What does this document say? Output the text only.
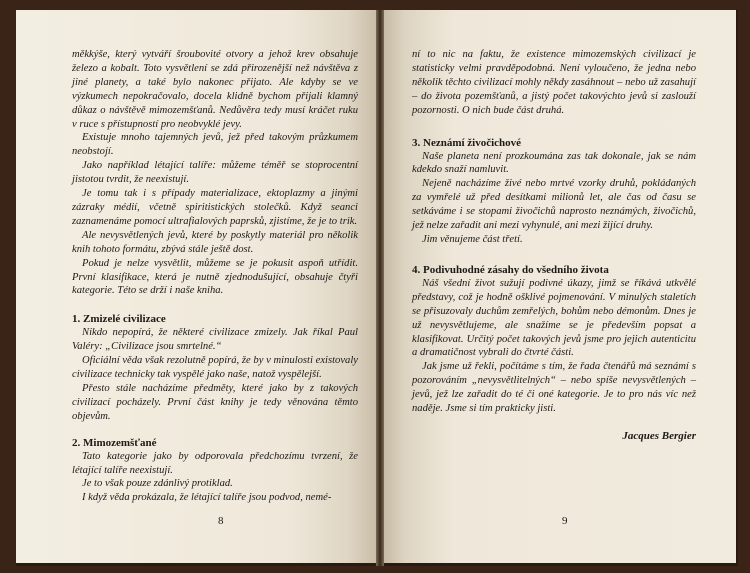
měkkýše, který vytváří šroubovité otvory a jehož krev obsahuje železo a kobalt. Toto vysvětlení se zdá přirozenější než návštěva z jiné planety, a také bylo nakonec přijato. Ale kdyby se ve výzkumech nepokračovalo, docela klidně bychom přijali klamný důkaz o návštěvě mimozemšťanů. Nedůvěra tedy musí kráčet ruku v ruce s přístupností pro neobvyklé jevy.

Existuje mnoho tajemných jevů, jež před takovým průzkumem neobstojí.

Jako například létající talíře: můžeme téměř se stoprocentní jistotou tvrdit, že neexistují.

Je tomu tak i s případy materializace, ektoplazmy a jinými zázraky médií, včetně spiritistických stolečků. Když seanci zaznamenáme pomocí ultrafialových paprsků, zjistíme, že je to trik.

Ale nevysvětlených jevů, které by poskytly materiál pro několik knih tohoto formátu, zbývá stále ještě dost.

Pokud je nelze vysvětlit, můžeme se je pokusit aspoň utřídit. První klasifikace, která je nutně zjednodušující, obsahuje čtyři kategorie. Této se drží i naše kniha.

1. Zmizelé civilizace

Nikdo nepopírá, že některé civilizace zmizely. Jak říkal Paul Valéry: „Civilizace jsou smrtelné.“

Oficiální věda však rezolutně popírá, že by v minulosti existovaly civilizace technicky tak vyspělé jako naše, natož vyspělejší.

Přesto stále nacházíme předměty, které jako by z takových civilizací pocházely. První část knihy je tedy věnována těmto objevům.

2. Mimozemšťané

Tato kategorie jako by odporovala předchozímu tvrzení, že létající talíře neexistují.

Je to však pouze zdánlivý protiklad.

I když věda prokázala, že létající talíře jsou podvod, nemé-

8

ní to nic na faktu, že existence mimozemských civilizací je statisticky velmi pravděpodobná. Není vyloučeno, že jedna nebo několik těchto civilizací mohly někdy zasáhnout – nebo už zasahují – do života pozemšťanů, a jistý počet takovýchto jevů si zaslouží pozornosti. O nich bude část druhá.

3. Neznámí živočichové

Naše planeta není prozkoumána zas tak dokonale, jak se nám kdekdo snaží namluvit.

Nejeně nacházíme živé nebo mrtvé vzorky druhů, pokládaných za vymřelé už před desítkami milionů let, ale čas od času se setkáváme i se stopami živočichů naprosto neznámých, živočichů, jež nelze zařadit ani mezi vyhynulé, ani mezi žijící druhy.

Jim věnujeme část třetí.

4. Podivuhodné zásahy do všedního života

Náš všední život sužují podivné úkazy, jimž se říkává utkvělé představy, což je hodně ošklivé pojmenování. V minulých staletích se přisuzovaly duchům zemřelých, bohům nebo démonům. Dnes je už nevysvětlujeme, ale snažíme se je především popsat a klasifikovat. Určitý počet takových jevů jsme pro jejich autenticitu a dramatičnost vybrali do čtvrté části.

Jak jsme už řekli, počítáme s tím, že řada čtenářů má seznámí s pozorováním „nevysvětlitelných“ – nebo spíše nevysvětlených – jevů, jež lze zařadit do té či oné kategorie. Je to pro nás víc než naděje. Jsme si tím prakticky jisti.

Jacques Bergier

9
